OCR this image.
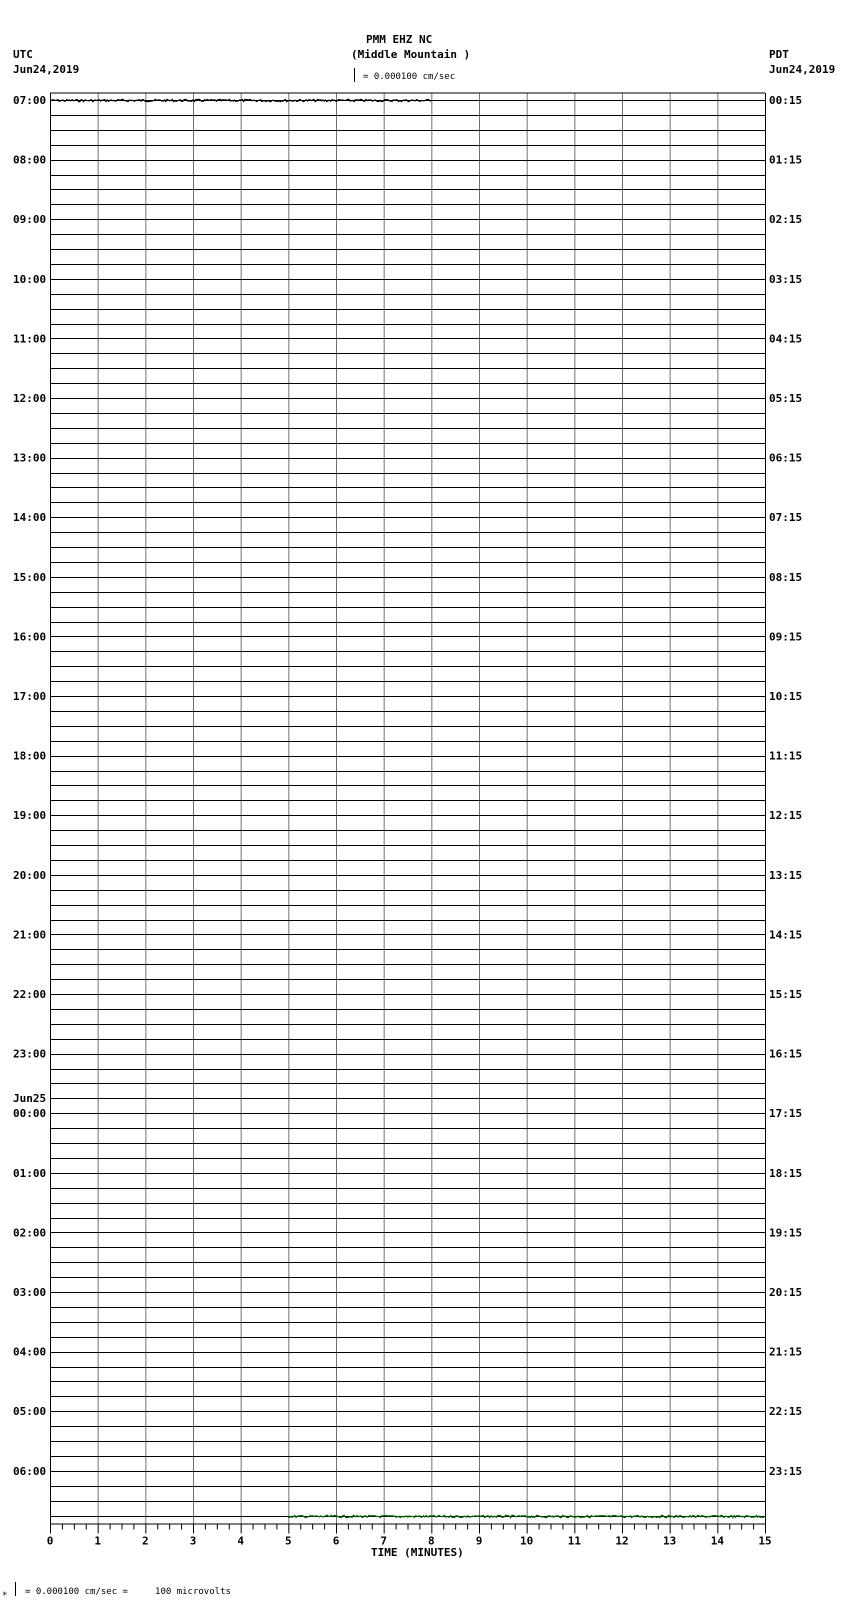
0	1	2	3	4	5	6	7	8	9	10	11	12	13	14	15
07:00
08:00
09:00
10:00
11:00
12:00
13:00
14:00
15:00
16:00
17:00
18:00
19:00
20:00
21:00
22:00
23:00
Jun25
00:00
01:00
02:00
03:00
04:00
05:00
06:00
00:15
01:15
02:15
03:15
04:15
05:15
06:15
07:15
08:15
09:15
10:15
11:15
12:15
13:15
14:15
15:15
16:15
17:15
18:15
19:15
20:15
21:15
22:15
23:15
PMM EHZ NC
(Middle Mountain )
= 0.000100 cm/sec
UTC
Jun24,2019
PDT
Jun24,2019
TIME (MINUTES)
* = 0.000100 cm/sec =     100 microvolts
